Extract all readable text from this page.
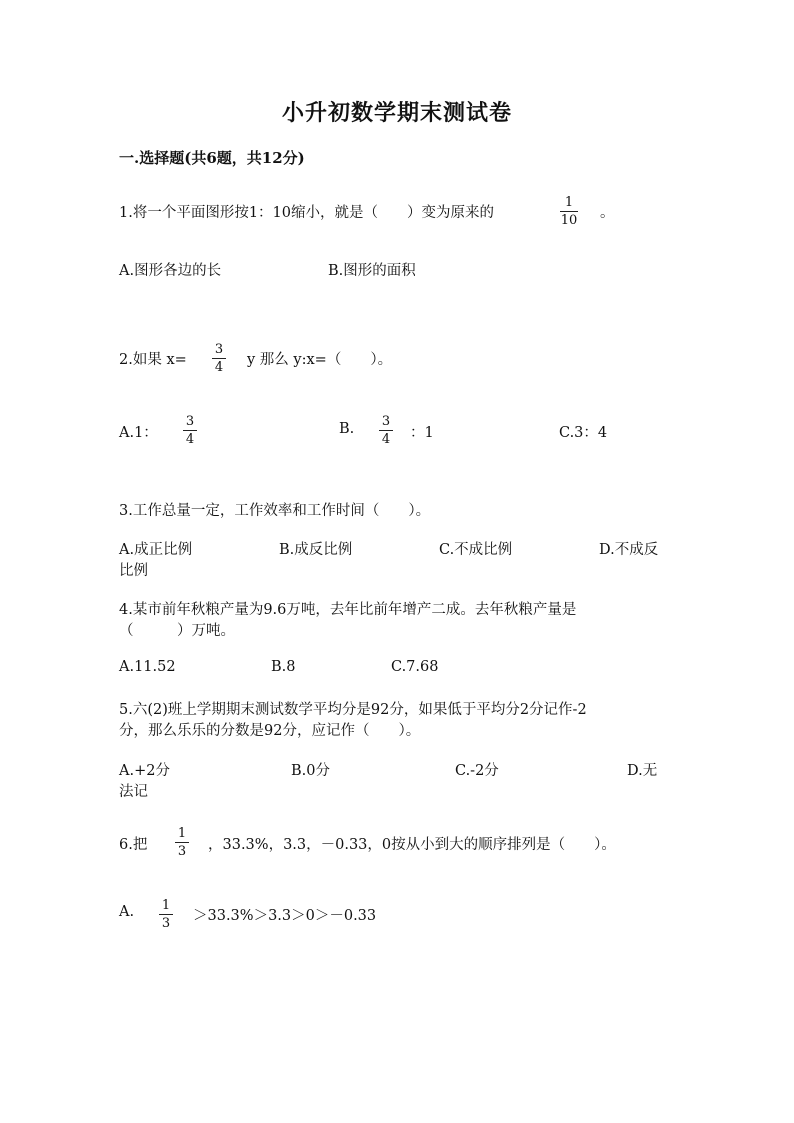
小升初数学期末测试卷
一.选择题(共6题，共12分)
1.将一个平面图形按1：10缩小，就是（　　）变为原来的
1
10 。
A.图形各边的长	B.图形的面积
2.如果 x=
3
4 y 那么 y:x=（　　）。
A.1：
3
4
B. 3
4 ：1	C.3：4
3.工作总量一定，工作效率和工作时间（　　）。
A.成正比例	B.成反比例	C.不成比例	D.不成反
比例
4.某市前年秋粮产量为9.6万吨，去年比前年增产二成。去年秋粮产量是
（　　　）万吨。
A.11.52	B.8	C.7.68
5.六(2)班上学期期末测试数学平均分是92分，如果低于平均分2分记作-2
分，那么乐乐的分数是92分，应记作（　　）。
A.+2分	B.0分	C.-2分	D.无
法记
6.把
1
3 ，33.3%，3.3，－0.33，0按从小到大的顺序排列是（　　）。
A. 1
3 ＞33.3%＞3.3＞0＞－0.33
